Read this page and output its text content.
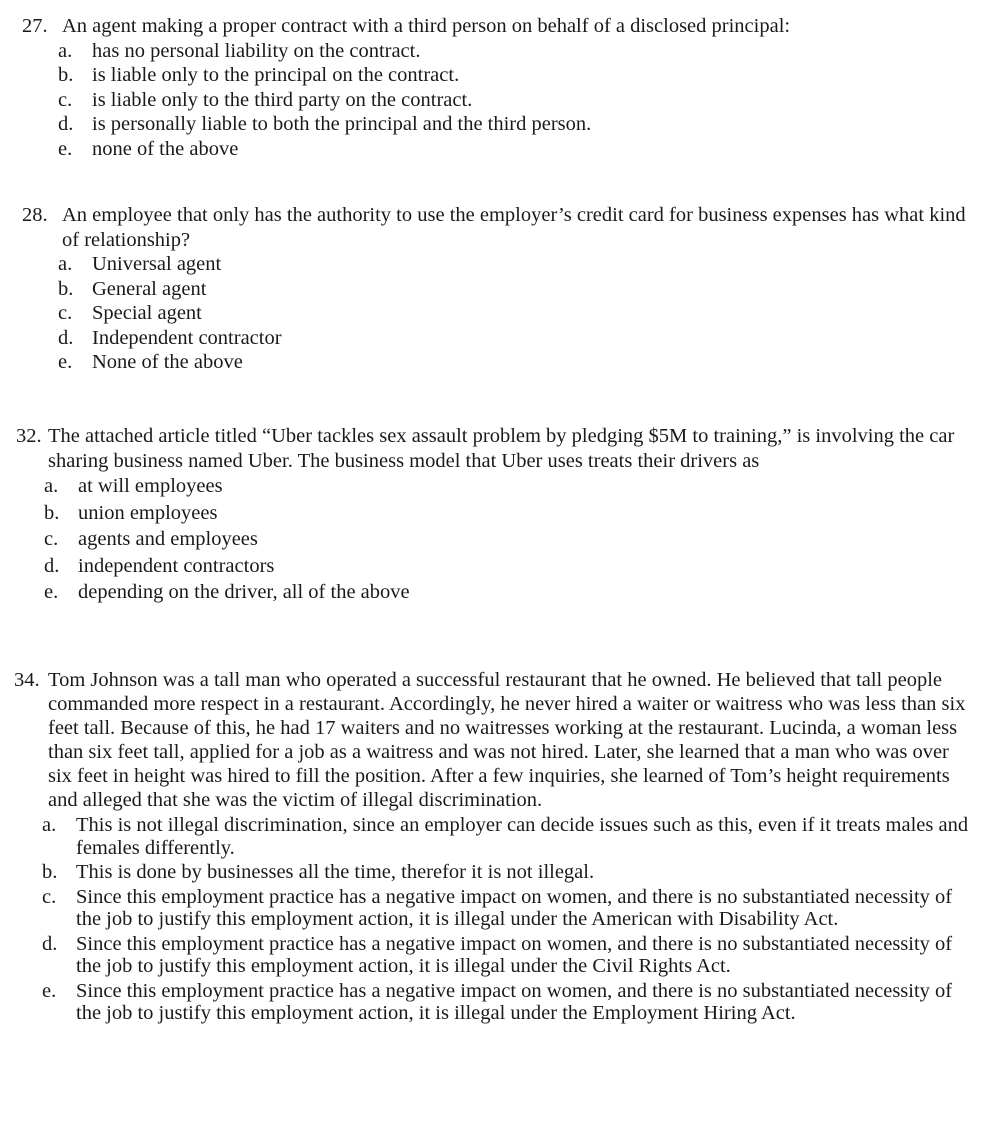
27. An agent making a proper contract with a third person on behalf of a disclosed principal:
a. has no personal liability on the contract.
b. is liable only to the principal on the contract.
c. is liable only to the third party on the contract.
d. is personally liable to both the principal and the third person.
e. none of the above
28. An employee that only has the authority to use the employer’s credit card for business expenses has what kind of relationship?
a. Universal agent
b. General agent
c. Special agent
d. Independent contractor
e. None of the above
32. The attached article titled “Uber tackles sex assault problem by pledging $5M to training,” is involving the car sharing business named Uber. The business model that Uber uses treats their drivers as
a. at will employees
b. union employees
c. agents and employees
d. independent contractors
e. depending on the driver, all of the above
34. Tom Johnson was a tall man who operated a successful restaurant that he owned. He believed that tall people commanded more respect in a restaurant. Accordingly, he never hired a waiter or waitress who was less than six feet tall. Because of this, he had 17 waiters and no waitresses working at the restaurant. Lucinda, a woman less than six feet tall, applied for a job as a waitress and was not hired. Later, she learned that a man who was over six feet in height was hired to fill the position. After a few inquiries, she learned of Tom’s height requirements and alleged that she was the victim of illegal discrimination.
a. This is not illegal discrimination, since an employer can decide issues such as this, even if it treats males and females differently.
b. This is done by businesses all the time, therefor it is not illegal.
c. Since this employment practice has a negative impact on women, and there is no substantiated necessity of the job to justify this employment action, it is illegal under the American with Disability Act.
d. Since this employment practice has a negative impact on women, and there is no substantiated necessity of the job to justify this employment action, it is illegal under the Civil Rights Act.
e. Since this employment practice has a negative impact on women, and there is no substantiated necessity of the job to justify this employment action, it is illegal under the Employment Hiring Act.
